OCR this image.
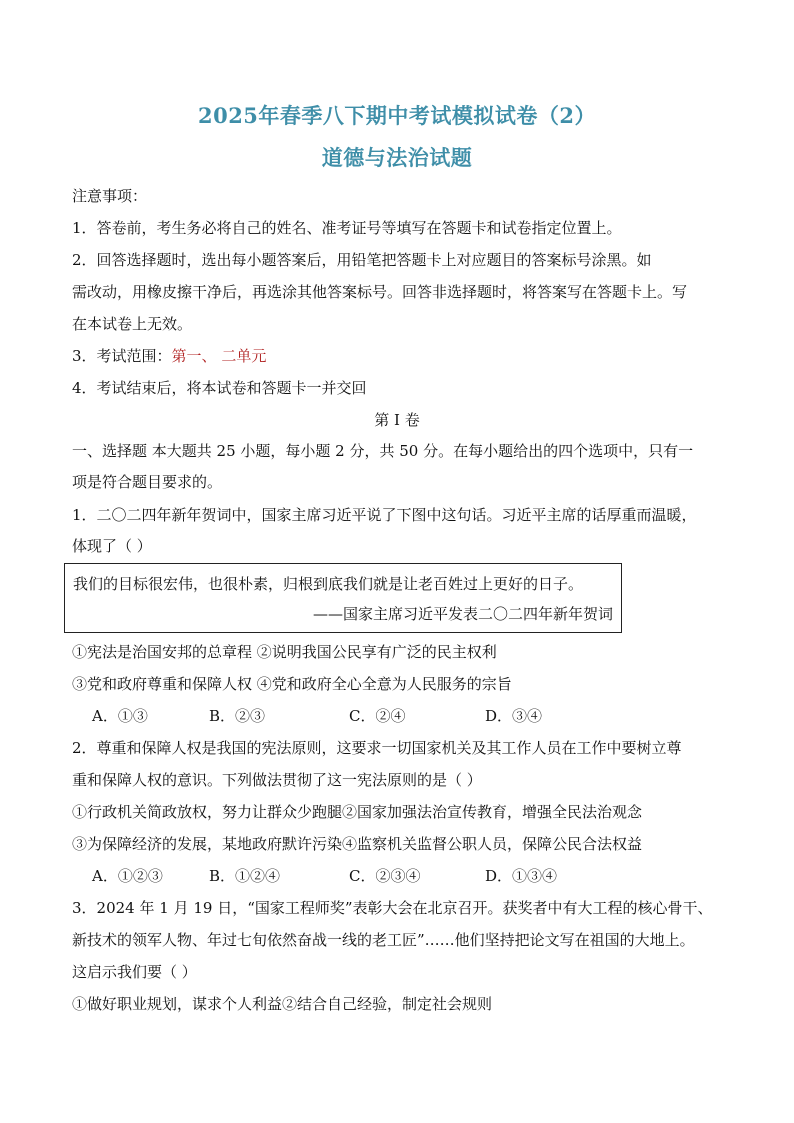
2025年春季八下期中考试模拟试卷（2）
道德与法治试题
注意事项：
1．答卷前，考生务必将自己的姓名、准考证号等填写在答题卡和试卷指定位置上。
2．回答选择题时，选出每小题答案后，用铅笔把答题卡上对应题目的答案标号涂黑。如
需改动，用橡皮擦干净后，再选涂其他答案标号。回答非选择题时，将答案写在答题卡上。写
在本试卷上无效。
3．考试范围：第一、 二单元
4．考试结束后，将本试卷和答题卡一并交回
第 I 卷
一、选择题 本大题共 25 小题，每小题 2 分，共 50 分。在每小题给出的四个选项中，只有一
项是符合题目要求的。
1．二〇二四年新年贺词中，国家主席习近平说了下图中这句话。习近平主席的话厚重而温暖，
体现了（ ）
我们的目标很宏伟，也很朴素，归根到底我们就是让老百姓过上更好的日子。
——国家主席习近平发表二〇二四年新年贺词
①宪法是治国安邦的总章程 ②说明我国公民享有广泛的民主权利
③党和政府尊重和保障人权 ④党和政府全心全意为人民服务的宗旨
A．①③	B．②③	C．②④	D．③④
2．尊重和保障人权是我国的宪法原则，这要求一切国家机关及其工作人员在工作中要树立尊
重和保障人权的意识。下列做法贯彻了这一宪法原则的是（ ）
①行政机关简政放权，努力让群众少跑腿②国家加强法治宣传教育，增强全民法治观念
③为保障经济的发展，某地政府默许污染④监察机关监督公职人员，保障公民合法权益
A．①②③	B．①②④	C．②③④	D．①③④
3．2024 年 1 月 19 日，“国家工程师奖”表彰大会在北京召开。获奖者中有大工程的核心骨干、
新技术的领军人物、年过七旬依然奋战一线的老工匠”……他们坚持把论文写在祖国的大地上。
这启示我们要（ ）
①做好职业规划，谋求个人利益②结合自己经验，制定社会规则
